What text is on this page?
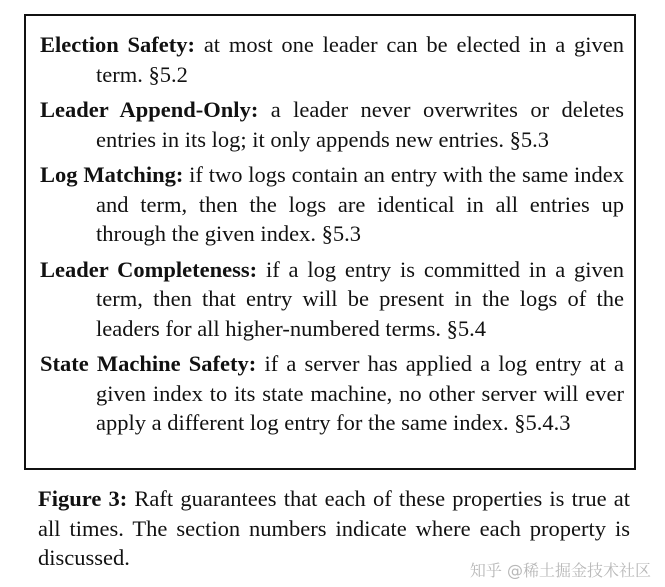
Election Safety: at most one leader can be elected in a given term. §5.2
Leader Append-Only: a leader never overwrites or deletes entries in its log; it only appends new entries. §5.3
Log Matching: if two logs contain an entry with the same index and term, then the logs are identical in all entries up through the given index. §5.3
Leader Completeness: if a log entry is committed in a given term, then that entry will be present in the logs of the leaders for all higher-numbered terms. §5.4
State Machine Safety: if a server has applied a log entry at a given index to its state machine, no other server will ever apply a different log entry for the same index. §5.4.3
Figure 3: Raft guarantees that each of these properties is true at all times. The section numbers indicate where each property is discussed.
知乎 @稀土掘金技术社区
